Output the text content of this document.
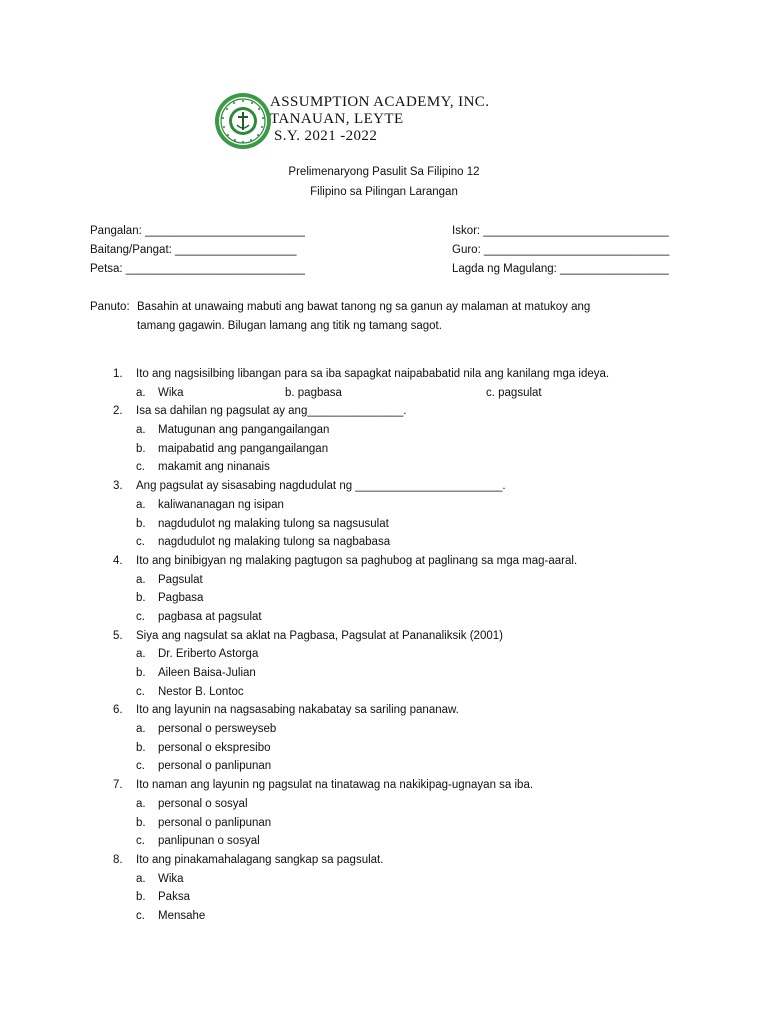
ASSUMPTION ACADEMY, INC.
TANAUAN, LEYTE
S.Y. 2021 -2022
Prelimenaryong Pasulit Sa Filipino 12
Filipino sa Pilingan Larangan
Pangalan: _________________________
Baitang/Pangat: ___________________
Petsa: ____________________________
Iskor: _____________________________
Guro: _____________________________
Lagda ng Magulang: _________________
Panuto: Basahin at unawaing mabuti ang bawat tanong ng sa ganun ay malaman at matukoy ang
tamang gagawin. Bilugan lamang ang titik ng tamang sagot.
1. Ito ang nagsisilbing libangan para sa iba sapagkat naipababatid nila ang kanilang mga ideya.
a. Wika	b. pagbasa	c. pagsulat
2. Isa sa dahilan ng pagsulat ay ang_______________.
a. Matugunan ang pangangailangan
b. maipabatid ang pangangailangan
c. makamit ang ninanais
3. Ang pagsulat ay sisasabing nagdudulat ng _______________________.
a. kaliwananagan ng isipan
b. nagdudulot ng malaking tulong sa nagsusulat
c. nagdudulot ng malaking tulong sa nagbabasa
4. Ito ang binibigyan ng malaking pagtugon sa paghubog at paglinang sa mga mag-aaral.
a. Pagsulat
b. Pagbasa
c. pagbasa at pagsulat
5. Siya ang nagsulat sa aklat na Pagbasa, Pagsulat at Pananaliksik (2001)
a. Dr. Eriberto Astorga
b. Aileen Baisa-Julian
c. Nestor B. Lontoc
6. Ito ang layunin na nagsasabing nakabatay sa sariling pananaw.
a. personal o persweyseb
b. personal o ekspresibo
c. personal o panlipunan
7. Ito naman ang layunin ng pagsulat na tinatawag na nakikipag-ugnayan sa iba.
a. personal o sosyal
b. personal o panlipunan
c. panlipunan o sosyal
8. Ito ang pinakamahalagang sangkap sa pagsulat.
a. Wika
b. Paksa
c. Mensahe
